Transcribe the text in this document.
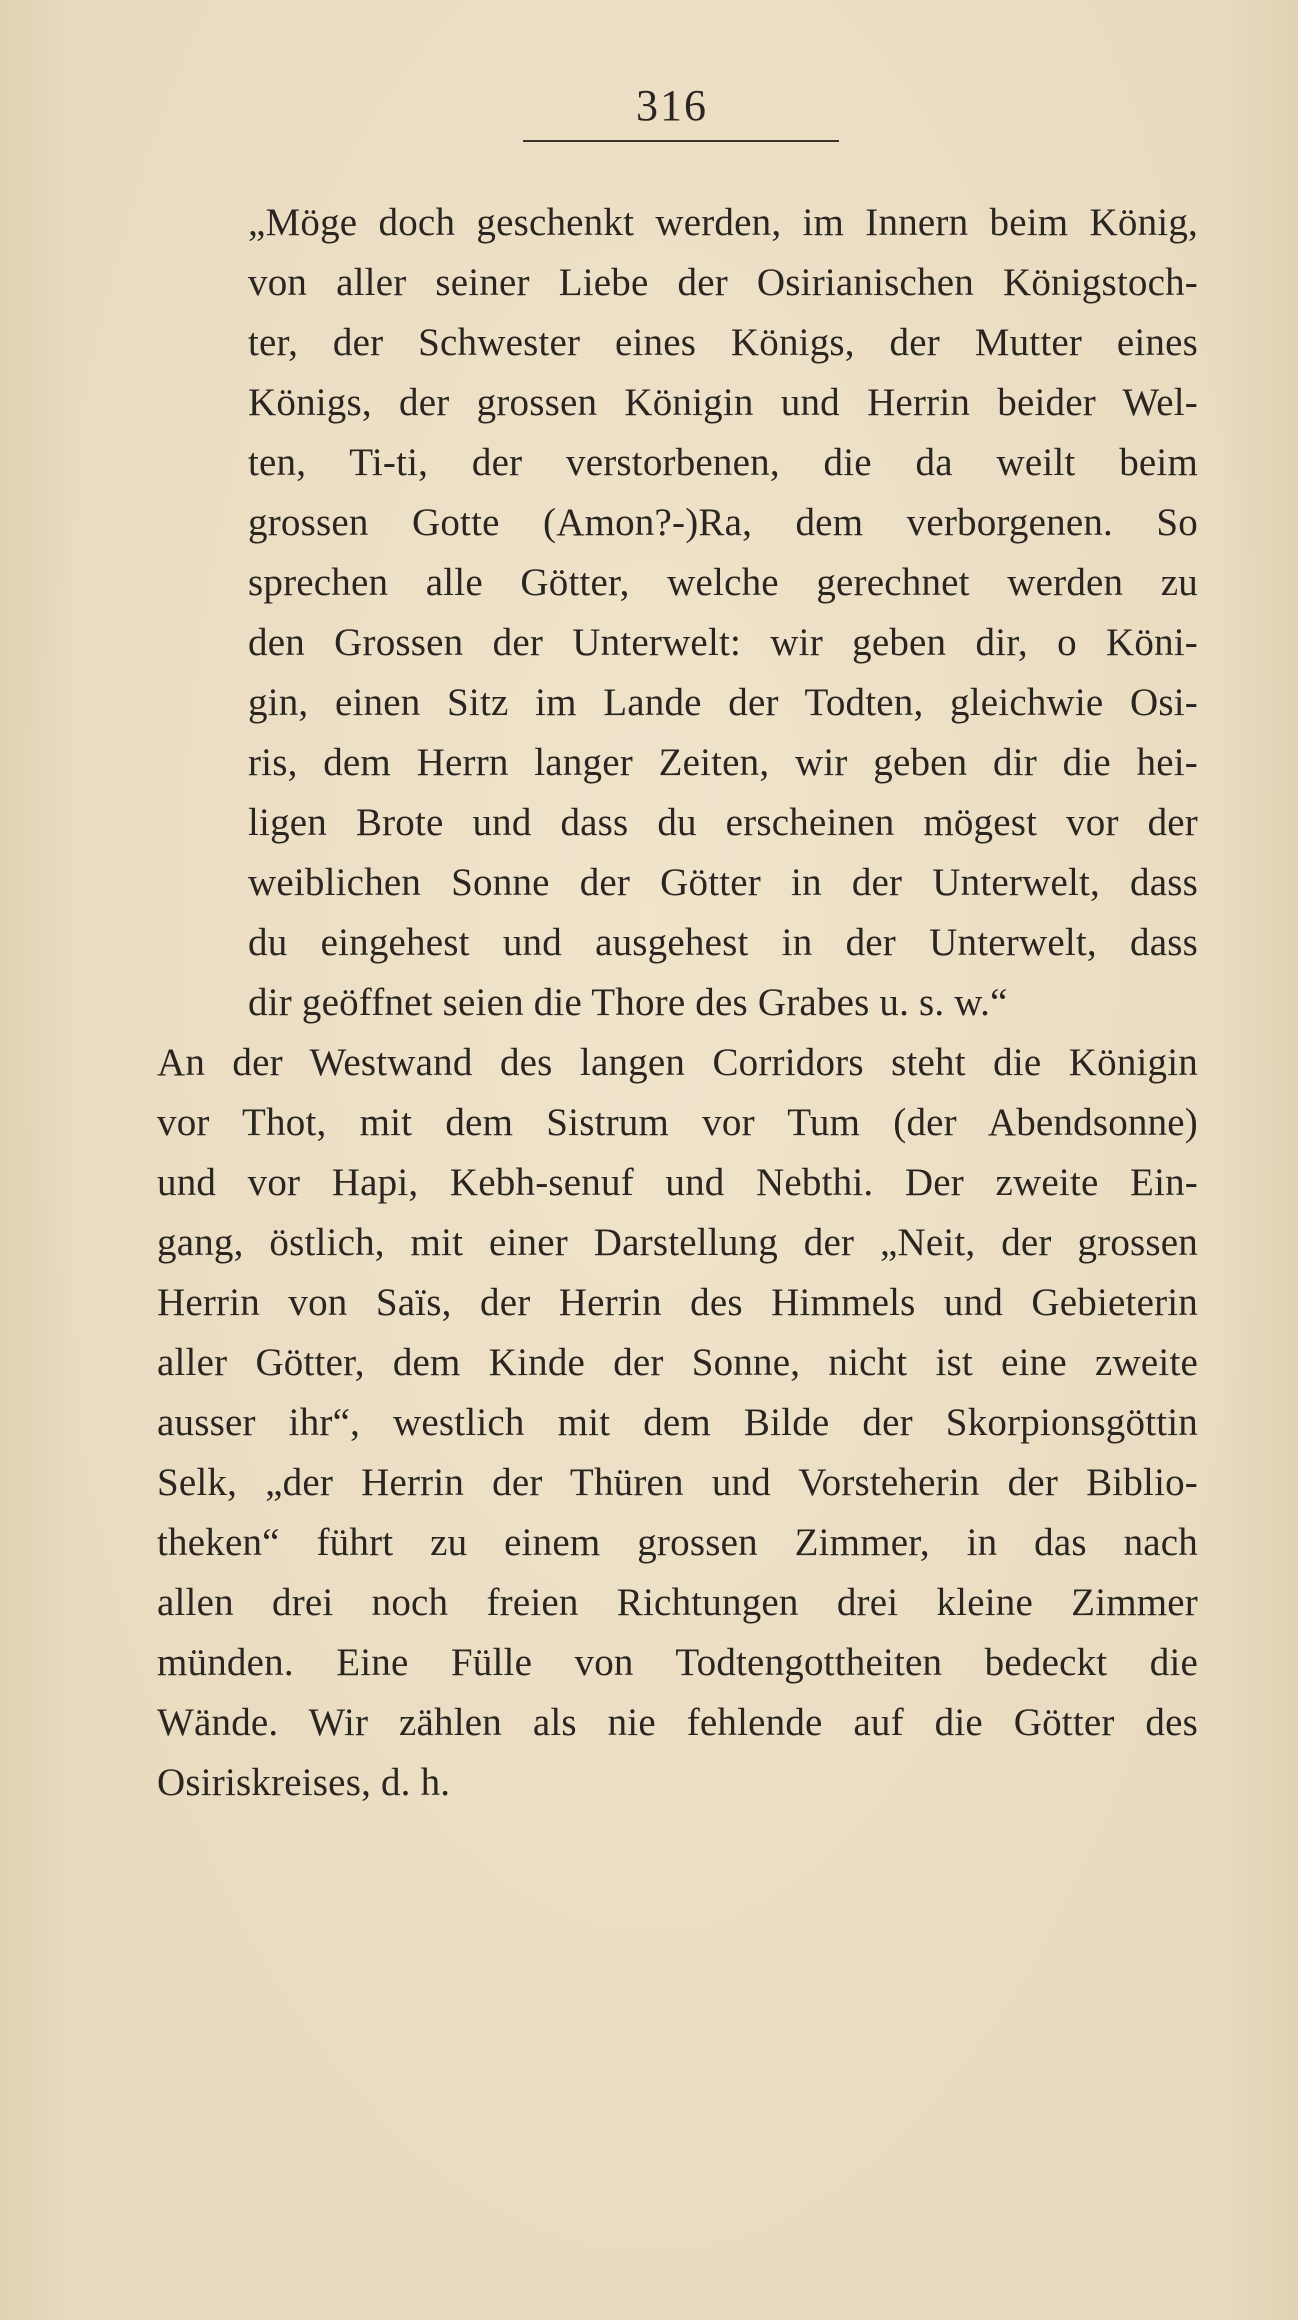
316
„Möge doch geschenkt werden, im Innern beim König,
von aller seiner Liebe der Osirianischen Königstoch-
ter, der Schwester eines Königs, der Mutter eines
Königs, der grossen Königin und Herrin beider Wel-
ten, Ti-ti, der verstorbenen, die da weilt beim
grossen Gotte (Amon?-)Ra, dem verborgenen. So
sprechen alle Götter, welche gerechnet werden zu
den Grossen der Unterwelt: wir geben dir, o Köni-
gin, einen Sitz im Lande der Todten, gleichwie Osi-
ris, dem Herrn langer Zeiten, wir geben dir die hei-
ligen Brote und dass du erscheinen mögest vor der
weiblichen Sonne der Götter in der Unterwelt, dass
du eingehest und ausgehest in der Unterwelt, dass
dir geöffnet seien die Thore des Grabes u. s. w.“
An der Westwand des langen Corridors steht die Königin
vor Thot, mit dem Sistrum vor Tum (der Abendsonne)
und vor Hapi, Kebh-senuf und Nebthi. Der zweite Ein-
gang, östlich, mit einer Darstellung der „Neit, der grossen
Herrin von Saïs, der Herrin des Himmels und Gebieterin
aller Götter, dem Kinde der Sonne, nicht ist eine zweite
ausser ihr“, westlich mit dem Bilde der Skorpionsgöttin
Selk, „der Herrin der Thüren und Vorsteherin der Biblio-
theken“ führt zu einem grossen Zimmer, in das nach
allen drei noch freien Richtungen drei kleine Zimmer
münden. Eine Fülle von Todtengottheiten bedeckt die
Wände. Wir zählen als nie fehlende auf die Götter des
Osiriskreises, d. h.
